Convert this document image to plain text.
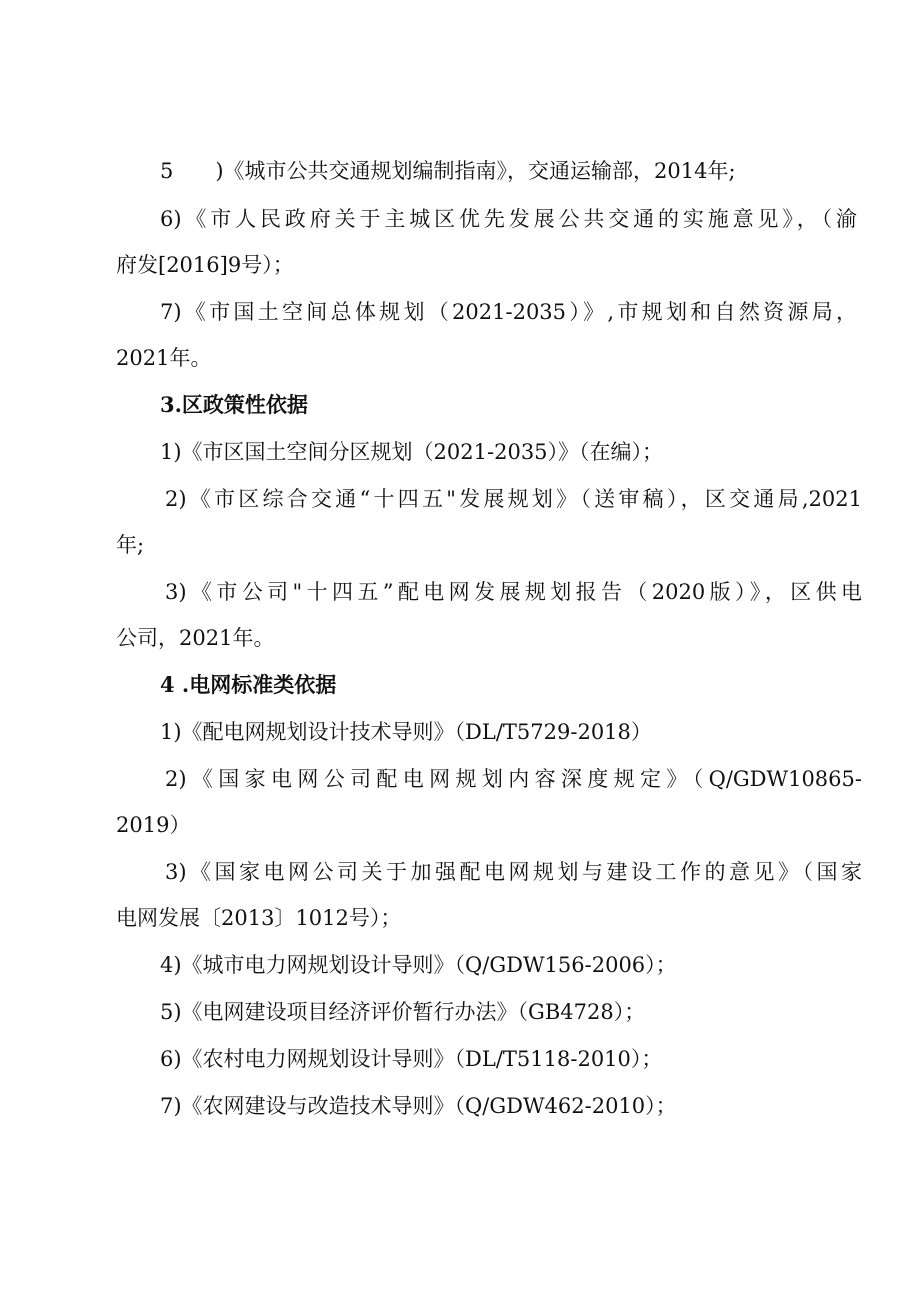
5　　)《城市公共交通规划编制指南》，交通运输部，2014年;
6)《市人民政府关于主城区优先发展公共交通的实施意见》，（渝
府发[2016]9号）；
7)《市国土空间总体规划（2021-2035）》,市规划和自然资源局，
2021年。
3.区政策性依据
1)《市区国土空间分区规划（2021-2035）》（在编）；
2)《市区综合交通“十四五"发展规划》（送审稿），区交通局,2021
年;
3)《市公司"十四五”配电网发展规划报告（2020版）》，区供电
公司，2021年。
4 .电网标准类依据
1)《配电网规划设计技术导则》（DL/T5729-2018）
2)《国家电网公司配电网规划内容深度规定》（Q/GDW10865-
2019）
3)《国家电网公司关于加强配电网规划与建设工作的意见》（国家
电网发展〔2013〕1012号）；
4)《城市电力网规划设计导则》（Q/GDW156-2006）；
5)《电网建设项目经济评价暂行办法》（GB4728）；
6)《农村电力网规划设计导则》（DL/T5118-2010）；
7)《农网建设与改造技术导则》（Q/GDW462-2010）；
